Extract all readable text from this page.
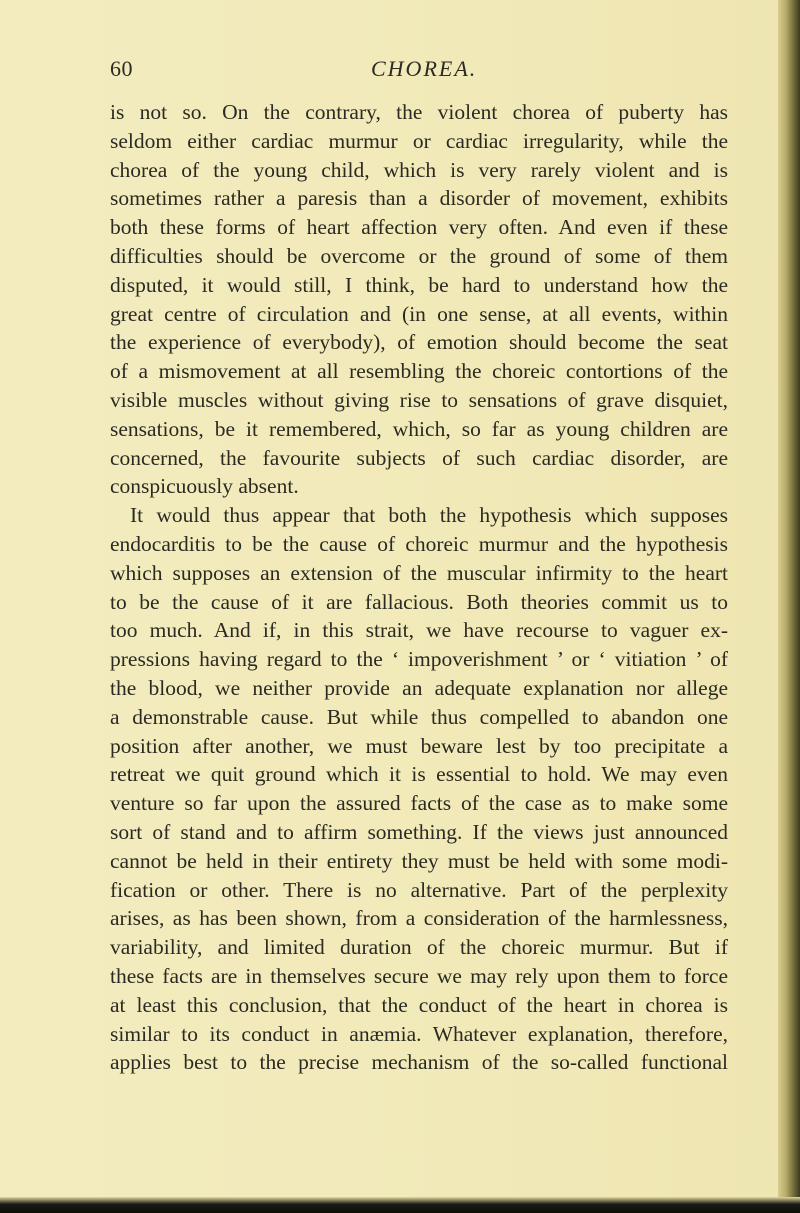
60	CHOREA.
is not so. On the contrary, the violent chorea of puberty has
seldom either cardiac murmur or cardiac irregularity, while the
chorea of the young child, which is very rarely violent and is
sometimes rather a paresis than a disorder of movement, exhibits
both these forms of heart affection very often. And even if these
difficulties should be overcome or the ground of some of them
disputed, it would still, I think, be hard to understand how the
great centre of circulation and (in one sense, at all events, within
the experience of everybody), of emotion should become the seat
of a mismovement at all resembling the choreic contortions of the
visible muscles without giving rise to sensations of grave disquiet,
sensations, be it remembered, which, so far as young children are
concerned, the favourite subjects of such cardiac disorder, are
conspicuously absent.
It would thus appear that both the hypothesis which supposes
endocarditis to be the cause of choreic murmur and the hypothesis
which supposes an extension of the muscular infirmity to the heart
to be the cause of it are fallacious. Both theories commit us to
too much. And if, in this strait, we have recourse to vaguer ex-
pressions having regard to the ‘ impoverishment ’ or ‘ vitiation ’ of
the blood, we neither provide an adequate explanation nor allege
a demonstrable cause. But while thus compelled to abandon one
position after another, we must beware lest by too precipitate a
retreat we quit ground which it is essential to hold. We may even
venture so far upon the assured facts of the case as to make some
sort of stand and to affirm something. If the views just announced
cannot be held in their entirety they must be held with some modi-
fication or other. There is no alternative. Part of the perplexity
arises, as has been shown, from a consideration of the harmlessness,
variability, and limited duration of the choreic murmur. But if
these facts are in themselves secure we may rely upon them to force
at least this conclusion, that the conduct of the heart in chorea is
similar to its conduct in anæmia. Whatever explanation, therefore,
applies best to the precise mechanism of the so-called functional
